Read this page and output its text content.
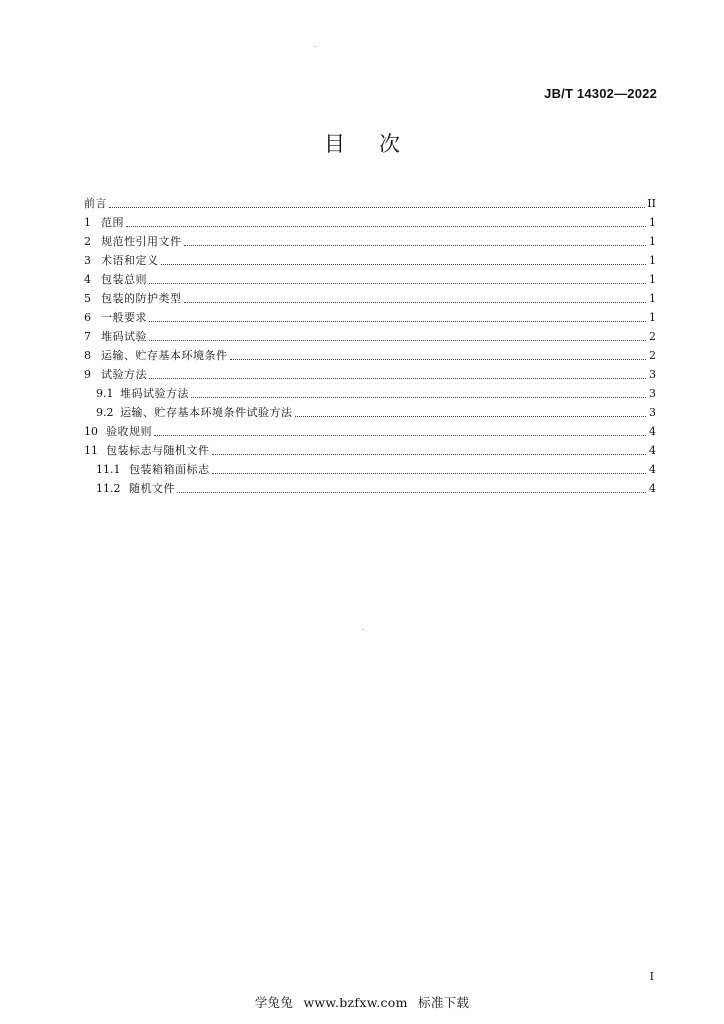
JB/T 14302—2022
目次
前言	II
1 范围	1
2 规范性引用文件	1
3 术语和定义	1
4 包装总则	1
5 包装的防护类型	1
6 一般要求	1
7 堆码试验	2
8 运输、贮存基本环境条件	2
9 试验方法	3
9.1 堆码试验方法	3
9.2 运输、贮存基本环境条件试验方法	3
10 验收规则	4
11 包装标志与随机文件	4
11.1 包装箱箱面标志	4
11.2 随机文件	4
I
学兔兔 www.bzfxw.com 标准下载
